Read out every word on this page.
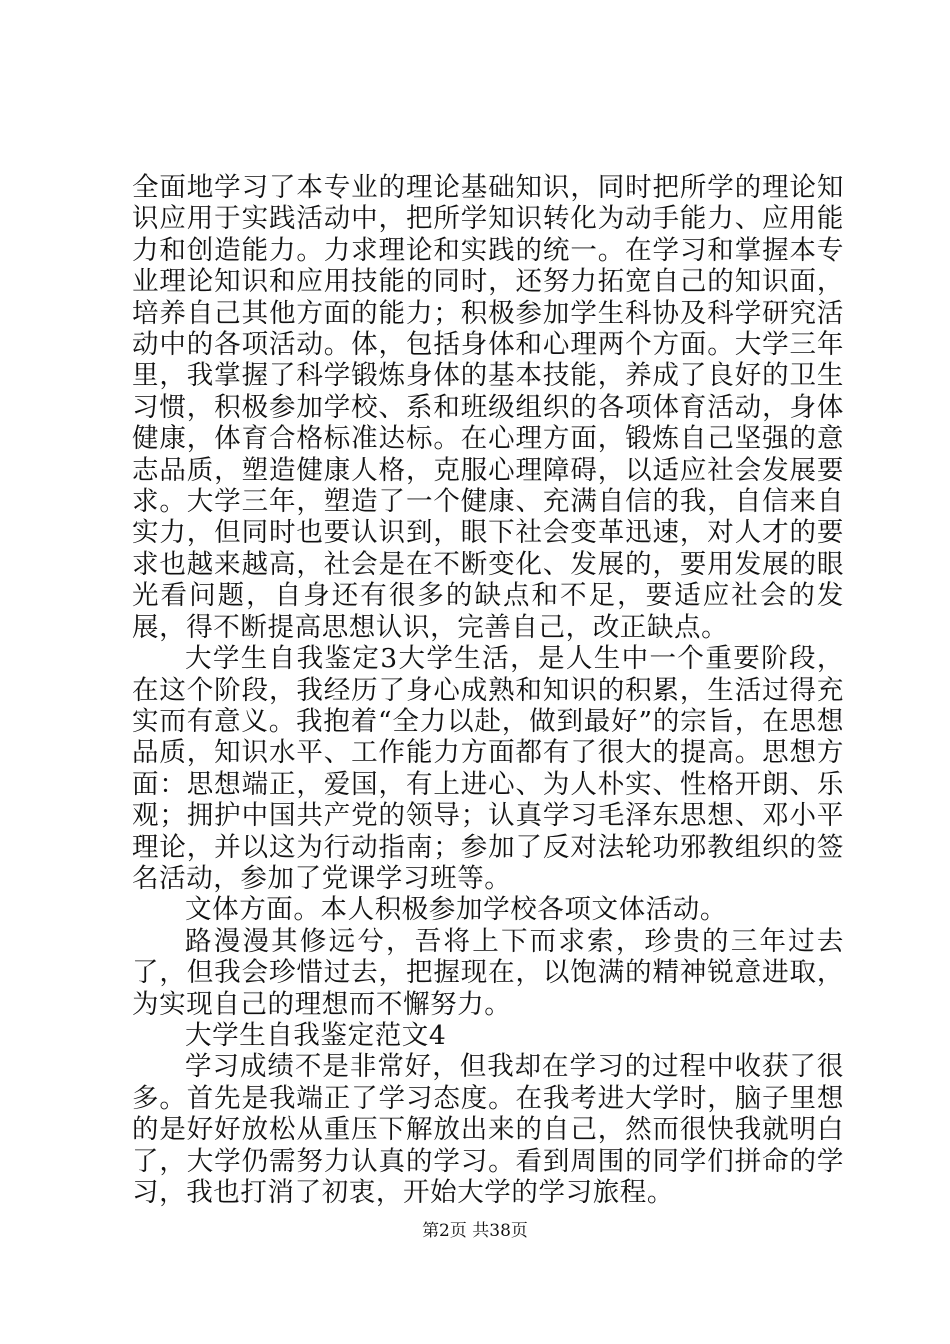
全面地学习了本专业的理论基础知识，同时把所学的理论知识应用于实践活动中，把所学知识转化为动手能力、应用能力和创造能力。力求理论和实践的统一。在学习和掌握本专业理论知识和应用技能的同时，还努力拓宽自己的知识面，培养自己其他方面的能力；积极参加学生科协及科学研究活动中的各项活动。体，包括身体和心理两个方面。大学三年里，我掌握了科学锻炼身体的基本技能，养成了良好的卫生习惯，积极参加学校、系和班级组织的各项体育活动，身体健康，体育合格标准达标。在心理方面，锻炼自己坚强的意志品质，塑造健康人格，克服心理障碍，以适应社会发展要求。大学三年，塑造了一个健康、充满自信的我，自信来自实力，但同时也要认识到，眼下社会变革迅速，对人才的要求也越来越高，社会是在不断变化、发展的，要用发展的眼光看问题，自身还有很多的缺点和不足，要适应社会的发展，得不断提高思想认识，完善自己，改正缺点。

大学生自我鉴定3大学生活，是人生中一个重要阶段，在这个阶段，我经历了身心成熟和知识的积累，生活过得充实而有意义。我抱着“全力以赴，做到最好”的宗旨，在思想品质，知识水平、工作能力方面都有了很大的提高。思想方面：思想端正，爱国，有上进心、为人朴实、性格开朗、乐观；拥护中国共产党的领导；认真学习毛泽东思想、邓小平理论，并以这为行动指南；参加了反对法轮功邪教组织的签名活动，参加了党课学习班等。

文体方面。本人积极参加学校各项文体活动。

路漫漫其修远兮，吾将上下而求索，珍贵的三年过去了，但我会珍惜过去，把握现在，以饱满的精神锐意进取，为实现自己的理想而不懈努力。

大学生自我鉴定范文4

学习成绩不是非常好，但我却在学习的过程中收获了很多。首先是我端正了学习态度。在我考进大学时，脑子里想的是好好放松从重压下解放出来的自己，然而很快我就明白了，大学仍需努力认真的学习。看到周围的同学们拼命的学习，我也打消了初衷，开始大学的学习旅程。

第2页 共38页
